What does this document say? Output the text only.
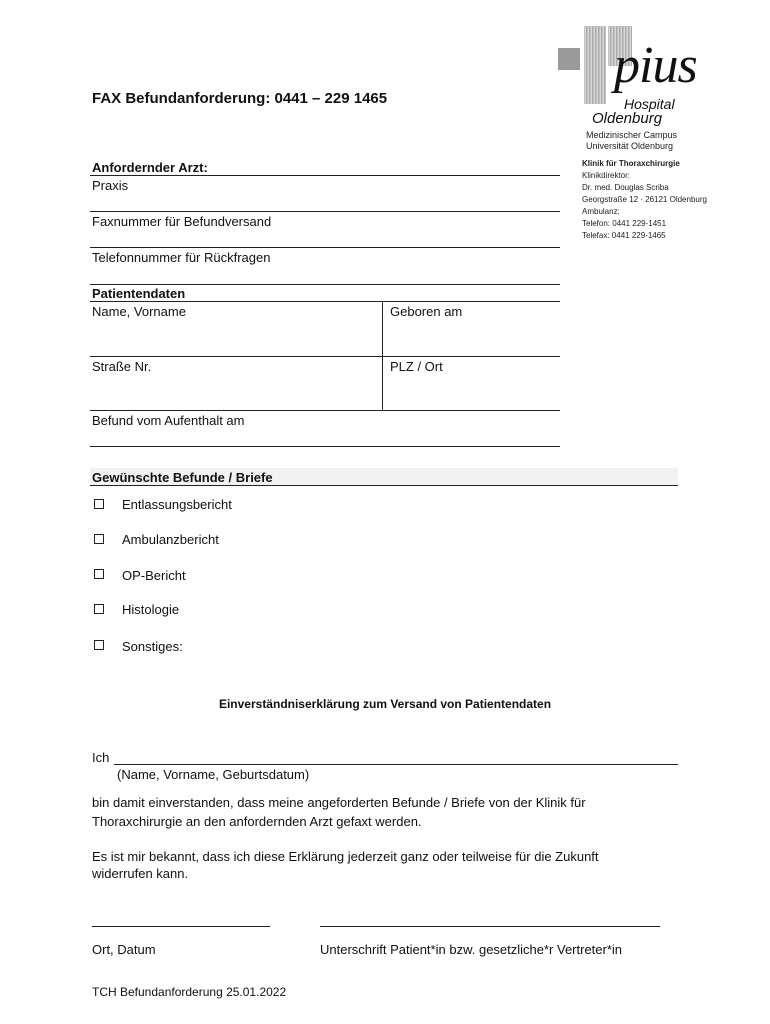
FAX Befundanforderung: 0441 – 229 1465
pius
Hospital
Oldenburg
Medizinischer Campus
Universität Oldenburg
Klinik für Thoraxchirurgie
Klinikdirektor:
Dr. med. Douglas Scriba
Georgstraße 12 · 26121 Oldenburg
Ambulanz:
Telefon: 0441 229-1451
Telefax: 0441 229-1465
Anfordernder Arzt:
Praxis
Faxnummer für Befundversand
Telefonnummer für Rückfragen
Patientendaten
Name, Vorname	Geboren am
Straße Nr.	PLZ / Ort
Befund vom Aufenthalt am
Gewünschte Befunde / Briefe
Entlassungsbericht
Ambulanzbericht
OP-Bericht
Histologie
Sonstiges:
Einverständniserklärung zum Versand von Patientendaten
Ich
(Name, Vorname, Geburtsdatum)
bin damit einverstanden, dass meine angeforderten Befunde / Briefe von der Klinik für
Thoraxchirurgie an den anfordernden Arzt gefaxt werden.
Es ist mir bekannt, dass ich diese Erklärung jederzeit ganz oder teilweise für die Zukunft
widerrufen kann.
Ort, Datum	Unterschrift Patient*in bzw. gesetzliche*r Vertreter*in
TCH Befundanforderung 25.01.2022
